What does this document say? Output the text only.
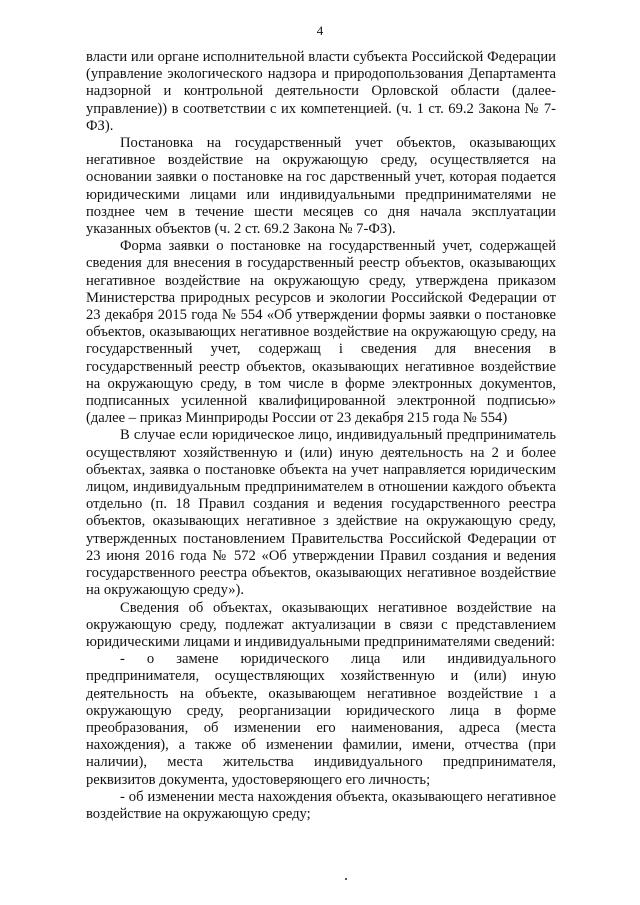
4

власти или органе исполнительной власти субъекта Российской Федерации (управление экологического надзора и природопользования Департамента надзорной и контрольной деятельности Орловской области (далее-управление)) в соответствии с их компетенцией. (ч. 1 ст. 69.2 Закона № 7-ФЗ).

Постановка на государственный учет объектов, оказывающих негативное воздействие на окружающую среду, осуществляется на основании заявки о постановке на гос дарственный учет, которая подается юридическими лицами или индивидуальными предпринимателями не позднее чем в течение шести месяцев со дня начала эксплуатации указанных объектов (ч. 2 ст. 69.2 Закона № 7-ФЗ).

Форма заявки о постановке на государственный учет, содержащей сведения для внесения в государственный реестр объектов, оказывающих негативное воздействие на окружающую среду, утверждена приказом Министерства природных ресурсов и экологии Российской Федерации от 23 декабря 2015 года № 554 «Об утверждении формы заявки о постановке объектов, оказывающих негативное воздействие на окружающую среду, на государственный учет, содержащ i сведения для внесения в государственный реестр объектов, оказывающих негативное воздействие на окружающую среду, в том числе в форме электронных документов, подписанных усиленной квалифицированной электронной подписью» (далее – приказ Минприроды России от 23 декабря 215 года № 554)

В случае если юридическое лицо, индивидуальный предприниматель осуществляют хозяйственную и (или) иную деятельность на 2 и более объектах, заявка о постановке объекта на учет направляется юридическим лицом, индивидуальным предпринимателем в отношении каждого объекта отдельно (п. 18 Правил создания и ведения государственного реестра объектов, оказывающих негативное з здействие на окружающую среду, утвержденных постановлением Правительства Российской Федерации от 23 июня 2016 года № 572 «Об утверждении Правил создания и ведения государственного реестра объектов, оказывающих негативное воздействие на окружающую среду»).

Сведения об объектах, оказывающих негативное воздействие на окружающую среду, подлежат актуализации в связи с представлением юридическими лицами и индивидуальными предпринимателями сведений:

- о замене юридического лица или индивидуального предпринимателя, осуществляющих хозяйственную и (или) иную деятельность на объекте, оказывающем негативное воздействие ı a окружающую среду, реорганизации юридического лица в форме преобразования, об изменении его наименования, адреса (места нахождения), а также об изменении фамилии, имени, отчества (при наличии), места жительства индивидуального предпринимателя, реквизитов документа, удостоверяющего его личность;

- об изменении места нахождения объекта, оказывающего негативное воздействие на окружающую среду;
